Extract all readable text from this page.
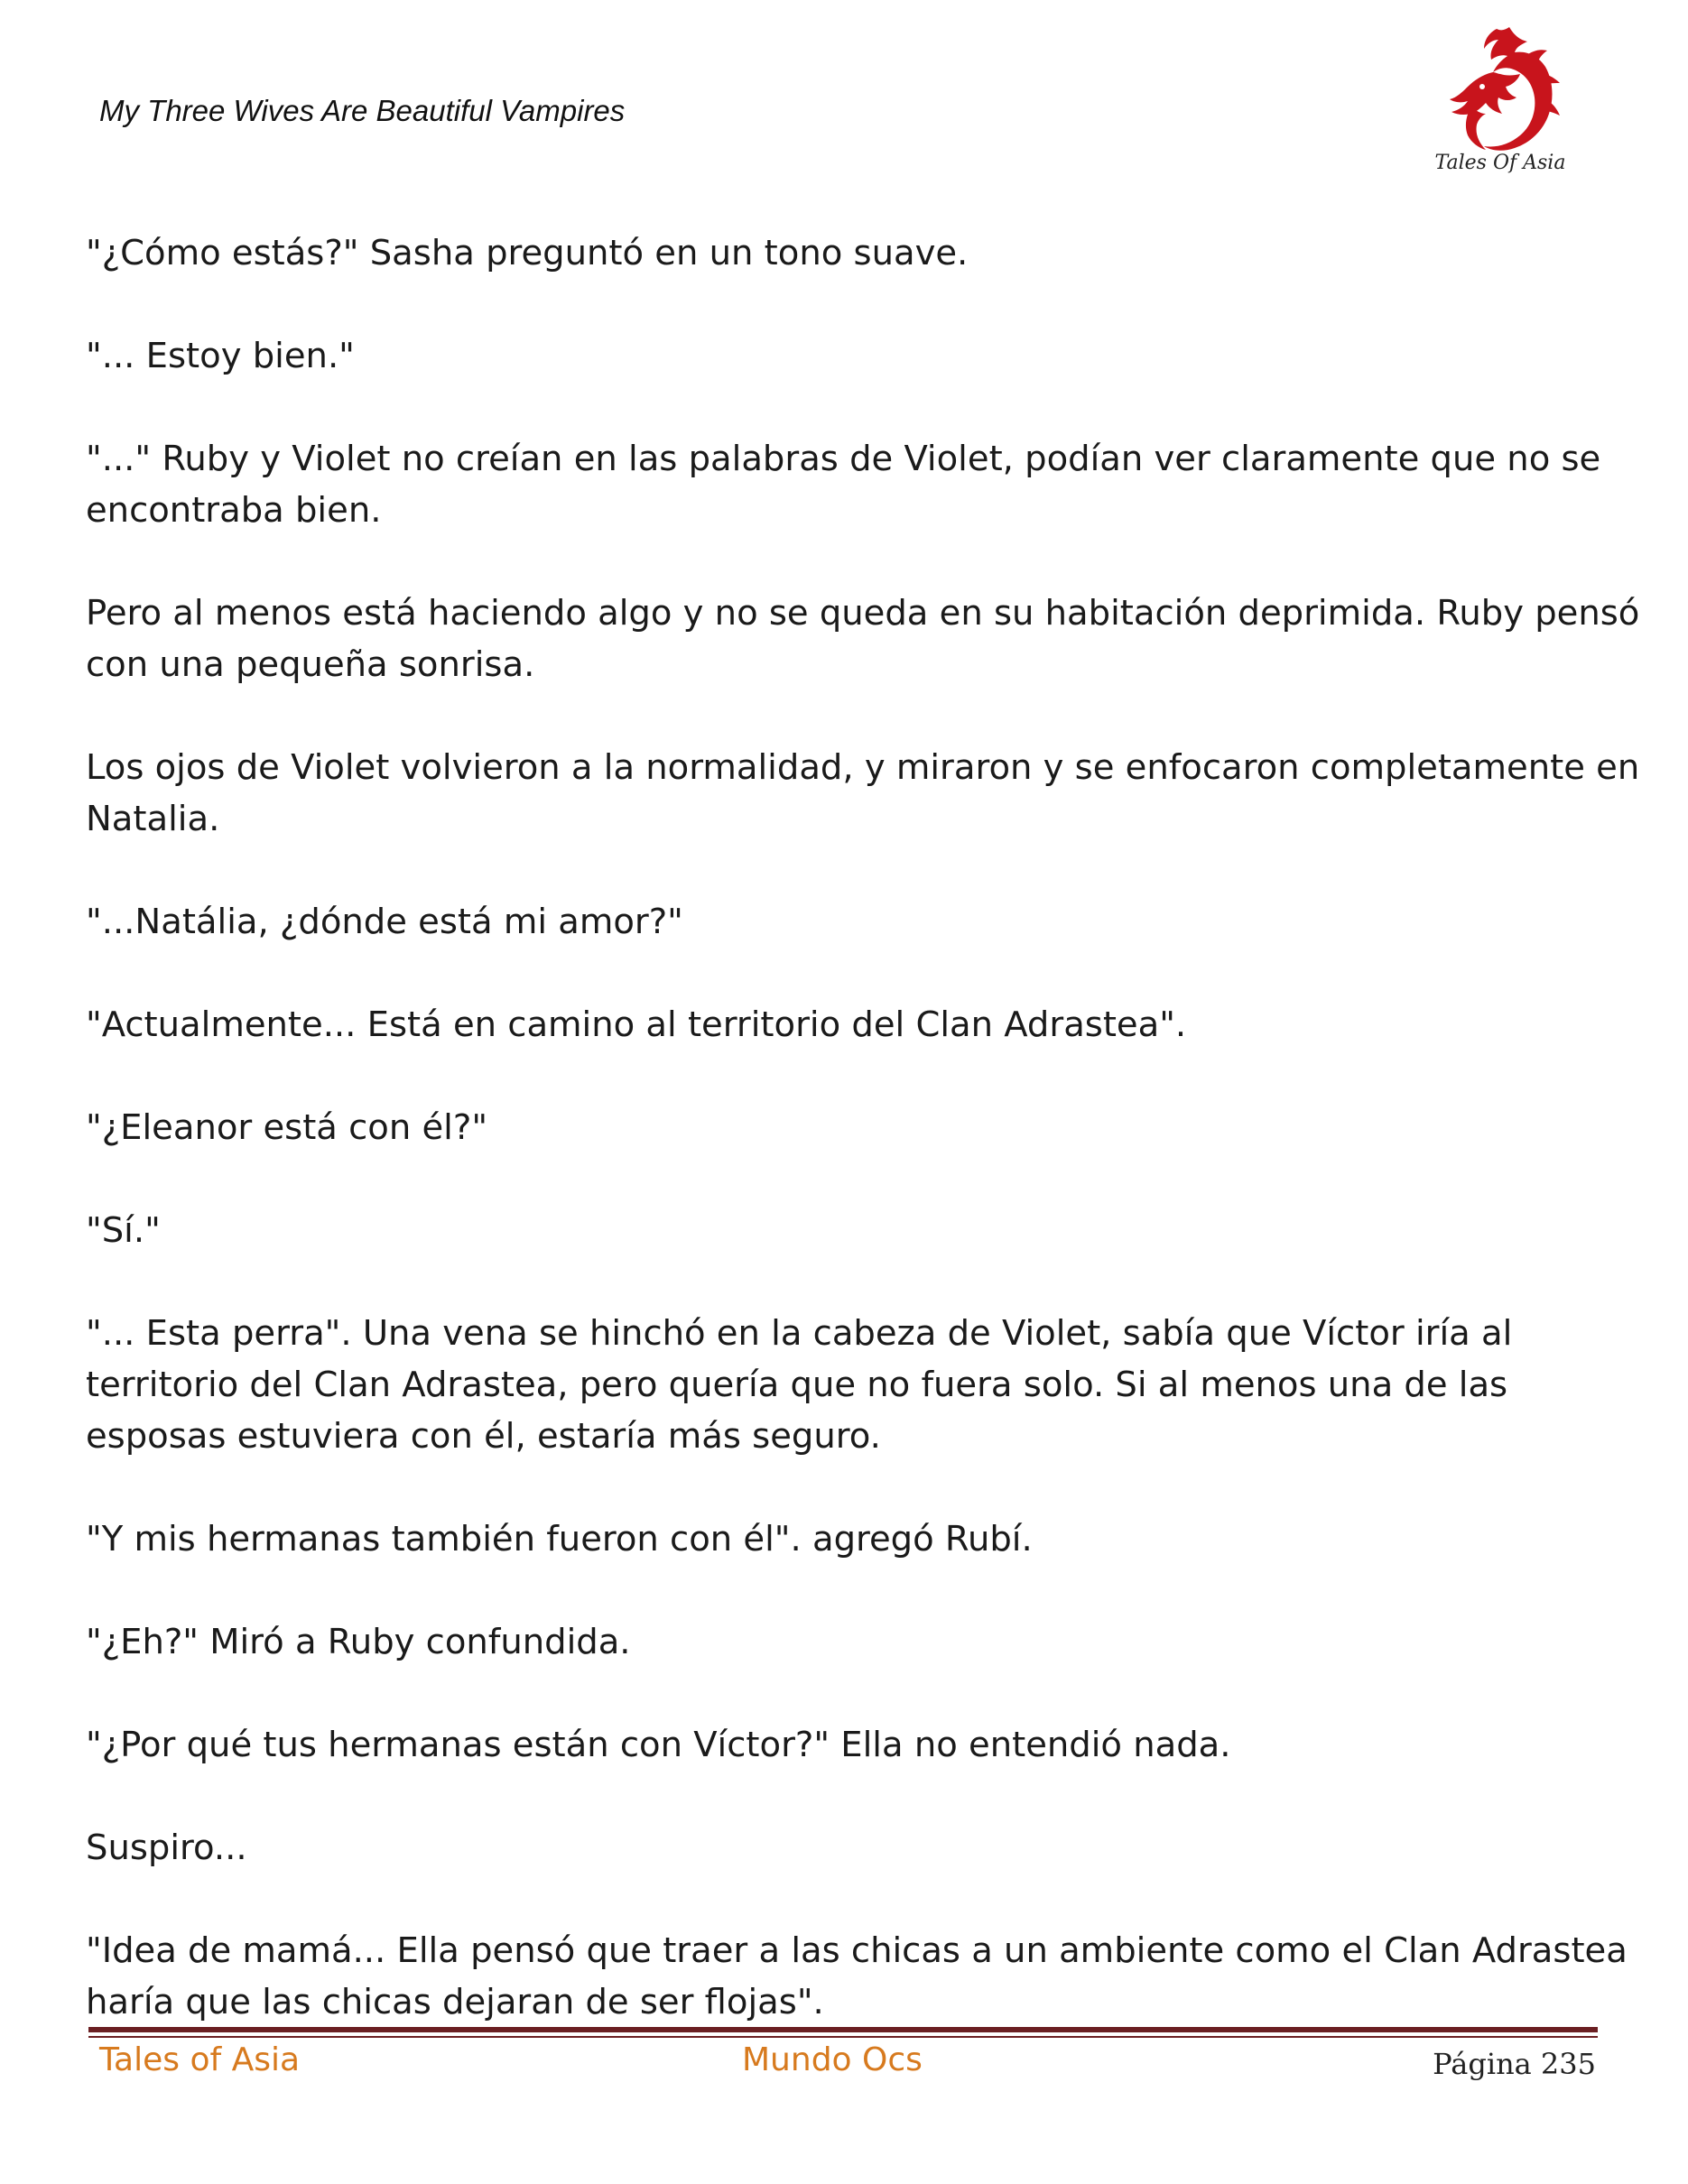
My Three Wives Are Beautiful Vampires
Tales Of Asia

"¿Cómo estás?" Sasha preguntó en un tono suave.

"... Estoy bien."

"..." Ruby y Violet no creían en las palabras de Violet, podían ver claramente que no se
encontraba bien.

Pero al menos está haciendo algo y no se queda en su habitación deprimida. Ruby pensó
con una pequeña sonrisa.

Los ojos de Violet volvieron a la normalidad, y miraron y se enfocaron completamente en
Natalia.

"...Natália, ¿dónde está mi amor?"

"Actualmente... Está en camino al territorio del Clan Adrastea".

"¿Eleanor está con él?"

"Sí."

"... Esta perra". Una vena se hinchó en la cabeza de Violet, sabía que Víctor iría al
territorio del Clan Adrastea, pero quería que no fuera solo. Si al menos una de las
esposas estuviera con él, estaría más seguro.

"Y mis hermanas también fueron con él". agregó Rubí.

"¿Eh?" Miró a Ruby confundida.

"¿Por qué tus hermanas están con Víctor?" Ella no entendió nada.

Suspiro...

"Idea de mamá... Ella pensó que traer a las chicas a un ambiente como el Clan Adrastea
haría que las chicas dejaran de ser flojas".

Tales of Asia	Mundo Ocs	Página 235
